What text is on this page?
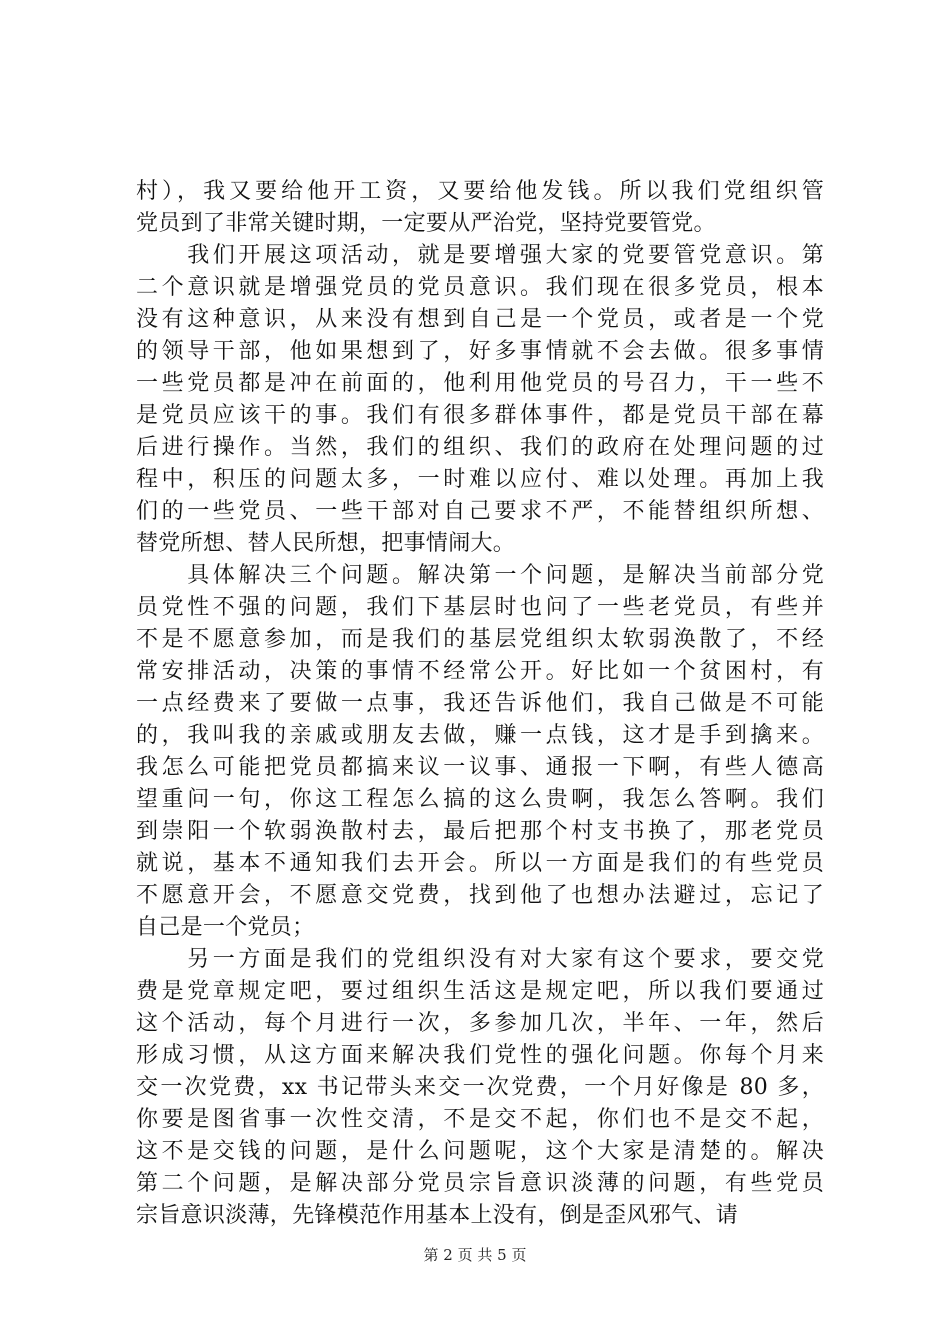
村），我又要给他开工资，又要给他发钱。所以我们党组织管
党员到了非常关键时期，一定要从严治党，坚持党要管党。
　　我们开展这项活动，就是要增强大家的党要管党意识。第
二个意识就是增强党员的党员意识。我们现在很多党员，根本
没有这种意识，从来没有想到自己是一个党员，或者是一个党
的领导干部，他如果想到了，好多事情就不会去做。很多事情
一些党员都是冲在前面的，他利用他党员的号召力，干一些不
是党员应该干的事。我们有很多群体事件，都是党员干部在幕
后进行操作。当然，我们的组织、我们的政府在处理问题的过
程中，积压的问题太多，一时难以应付、难以处理。再加上我
们的一些党员、一些干部对自己要求不严，不能替组织所想、
替党所想、替人民所想，把事情闹大。
　　具体解决三个问题。解决第一个问题，是解决当前部分党
员党性不强的问题，我们下基层时也问了一些老党员，有些并
不是不愿意参加，而是我们的基层党组织太软弱涣散了，不经
常安排活动，决策的事情不经常公开。好比如一个贫困村，有
一点经费来了要做一点事，我还告诉他们，我自己做是不可能
的，我叫我的亲戚或朋友去做，赚一点钱，这才是手到擒来。
我怎么可能把党员都搞来议一议事、通报一下啊，有些人德高
望重问一句，你这工程怎么搞的这么贵啊，我怎么答啊。我们
到崇阳一个软弱涣散村去，最后把那个村支书换了，那老党员
就说，基本不通知我们去开会。所以一方面是我们的有些党员
不愿意开会，不愿意交党费，找到他了也想办法避过，忘记了
自己是一个党员；
　　另一方面是我们的党组织没有对大家有这个要求，要交党
费是党章规定吧，要过组织生活这是规定吧，所以我们要通过
这个活动，每个月进行一次，多参加几次，半年、一年，然后
形成习惯，从这方面来解决我们党性的强化问题。你每个月来
交一次党费，xx 书记带头来交一次党费，一个月好像是 80 多，
你要是图省事一次性交清，不是交不起，你们也不是交不起，
这不是交钱的问题，是什么问题呢，这个大家是清楚的。解决
第二个问题，是解决部分党员宗旨意识淡薄的问题，有些党员
宗旨意识淡薄，先锋模范作用基本上没有，倒是歪风邪气、请
第 2 页 共 5 页
